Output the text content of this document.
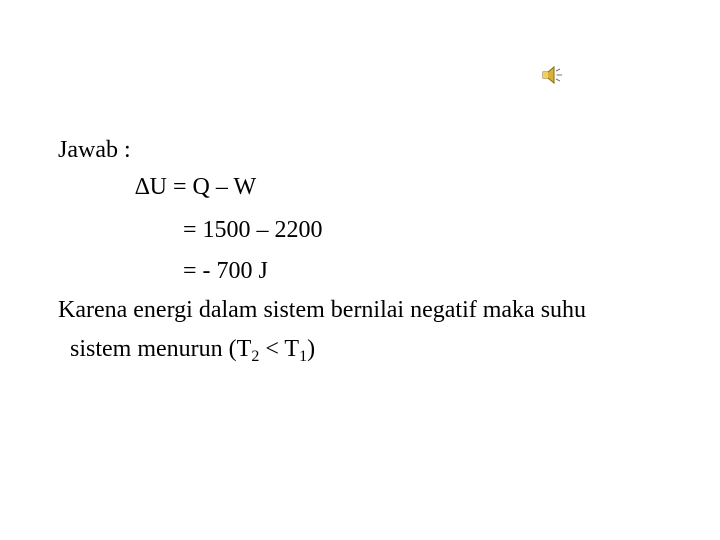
Jawab :
∆U = Q – W
= 1500 – 2200
= - 700 J
Karena energi dalam sistem bernilai negatif maka suhu
sistem menurun $(T_2 < T_1)$
